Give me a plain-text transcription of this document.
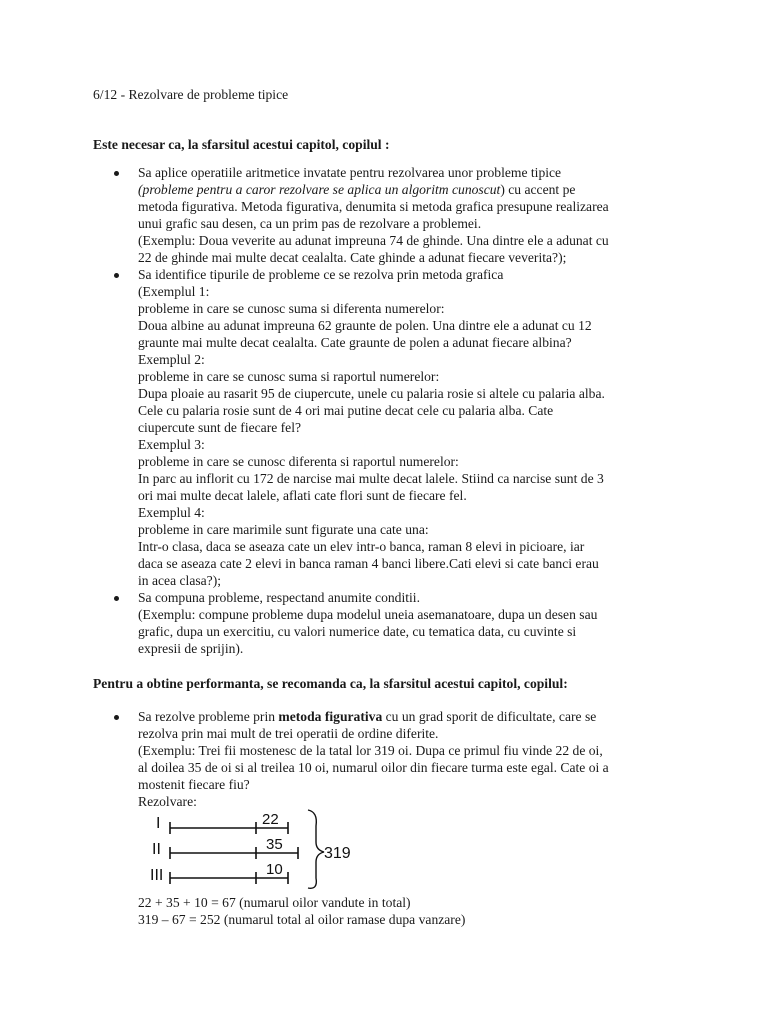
6/12 - Rezolvare de probleme tipice
Este necesar ca, la sfarsitul acestui capitol, copilul :
Sa aplice operatiile aritmetice invatate pentru rezolvarea unor probleme tipice
(probleme pentru a caror rezolvare se aplica un algoritm cunoscut) cu accent pe
metoda figurativa. Metoda figurativa, denumita si metoda grafica presupune realizarea
unui grafic sau desen, ca un prim pas de rezolvare a problemei.
(Exemplu: Doua veverite au adunat impreuna 74 de ghinde. Una dintre ele a adunat cu
22 de ghinde mai multe decat cealalta. Cate ghinde a adunat fiecare veverita?);
Sa identifice tipurile de probleme ce se rezolva prin metoda grafica
(Exemplul 1:
probleme in care se cunosc suma si diferenta numerelor:
Doua albine au adunat impreuna 62 graunte de polen. Una dintre ele a adunat cu 12
graunte mai multe decat cealalta. Cate graunte de polen a adunat fiecare albina?
Exemplul 2:
probleme in care se cunosc suma si raportul numerelor:
Dupa ploaie au rasarit 95 de ciupercute, unele cu palaria rosie si altele cu palaria alba.
Cele cu palaria rosie sunt de 4 ori mai putine decat cele cu palaria alba. Cate
ciupercute sunt de fiecare fel?
Exemplul 3:
probleme in care se cunosc diferenta si raportul numerelor:
In parc au inflorit cu 172 de narcise mai multe decat lalele. Stiind ca narcise sunt de 3
ori mai multe decat lalele, aflati cate flori sunt de fiecare fel.
Exemplul 4:
probleme in care marimile sunt figurate una cate una:
Intr-o clasa, daca se aseaza cate un elev intr-o banca, raman 8 elevi in picioare, iar
daca se aseaza cate 2 elevi in banca raman 4 banci libere.Cati elevi si cate banci erau
in acea clasa?);
Sa compuna probleme, respectand anumite conditii.
(Exemplu: compune probleme dupa modelul uneia asemanatoare, dupa un desen sau
grafic, dupa un exercitiu, cu valori numerice date, cu tematica data, cu cuvinte si
expresii de sprijin).
Pentru a obtine performanta, se recomanda ca, la sfarsitul acestui capitol, copilul:
Sa rezolve probleme prin metoda figurativa cu un grad sporit de dificultate, care se
rezolva prin mai mult de trei operatii de ordine diferite.
(Exemplu: Trei fii mostenesc de la tatal lor 319 oi. Dupa ce primul fiu vinde 22 de oi,
al doilea 35 de oi si al treilea 10 oi, numarul oilor din fiecare turma este egal. Cate oi a
mostenit fiecare fiu?
Rezolvare:
I	22
II	35
III	10
319
22 + 35 + 10 = 67 (numarul oilor vandute in total)
319 – 67 = 252 (numarul total al oilor ramase dupa vanzare)
